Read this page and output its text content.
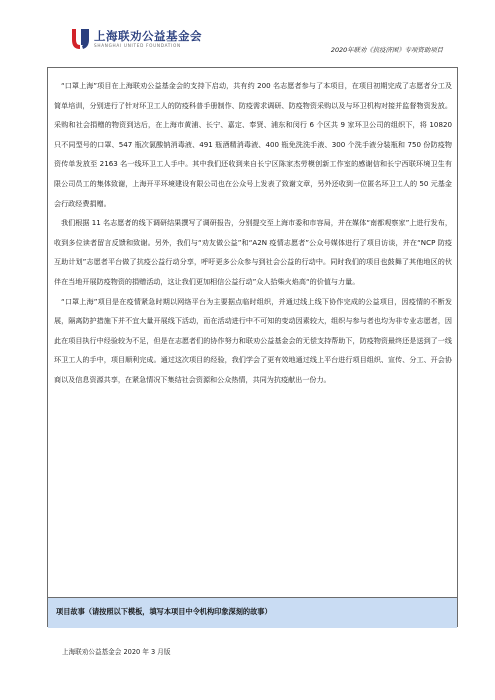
上海联劝公益基金会
SHANGHAI UNITED FOUNDATION
2020年联劝《抗疫济困》专项资助项目

“口罩上海”项目在上海联劝公益基金会的支持下启动，共有约 200 名志愿者参与了本项目，在项目初期完成了志愿者分工及简单培训，分别进行了针对环卫工人的防疫科普手册制作、防疫需求调研、防疫物资采购以及与环卫机构对接并监督物资发放。采购和社会捐赠的物资到达后，在上海市黄浦、长宁、嘉定、奉贤、浦东和闵行 6 个区共 9 家环卫公司的组织下，将 10820 只不同型号的口罩、547 瓶次氯酸钠消毒液、491 瓶酒精消毒液、400 瓶免洗洗手液、300 个洗手液分装瓶和 750 份防疫物资传单发放至 2163 名一线环卫工人手中。其中我们还收到来自长宁区陈家杰劳模创新工作室的感谢信和长宁西联环境卫生有限公司员工的集体致谢，上海开平环境建设有限公司也在公众号上发表了致谢文章，另外还收到一位匿名环卫工人的 50 元基金会行政经费捐赠。

我们根据 11 名志愿者的线下调研结果撰写了调研报告，分别提交至上海市委和市容局，并在媒体“南都观察家”上进行发布，收到多位读者留言反馈和致谢。另外，我们与“劝友做公益”和“A2N 疫情志愿者”公众号媒体进行了项目访谈，并在“NCP 防疫互助计划”志愿者平台做了抗疫公益行动分享，呼吁更多公众参与到社会公益的行动中。同时我们的项目也鼓舞了其他地区的伙伴在当地开展防疫物资的捐赠活动，这让我们更加相信公益行动”众人拾柴火焰高“的价值与力量。

“口罩上海”项目是在疫情紧急时期以网络平台为主要据点临时组织，并通过线上线下协作完成的公益项目，因疫情的不断发展，隔离防护措施下并不宜大量开展线下活动，而在活动进行中不可知的变动因素较大，组织与参与者也均为非专业志愿者，因此在项目执行中经验较为不足，但是在志愿者们的协作努力和联劝公益基金会的无偿支持帮助下，防疫物资最终还是送到了一线环卫工人的手中，项目顺利完成。通过这次项目的经验，我们学会了更有效地通过线上平台进行项目组织、宣传、分工、开会协商以及信息资源共享，在紧急情况下集结社会资源和公众热情，共同为抗疫献出一份力。

项目故事（请按照以下模板，填写本项目中令机构印象深刻的故事）
上海联劝公益基金会 2020 年 3 月版
